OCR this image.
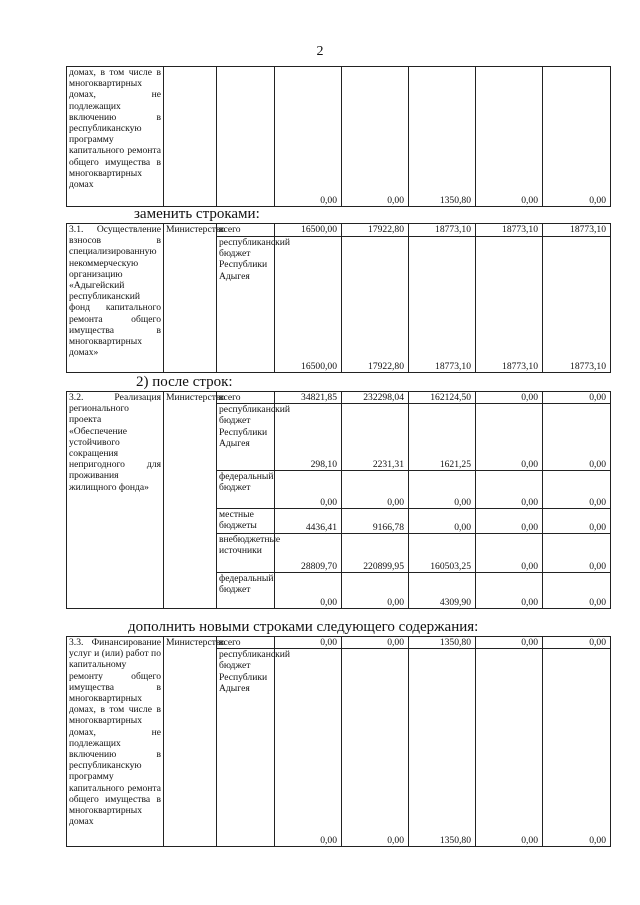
2
домах, в том числе в многоквартирных домах, не подлежащих включению в республиканскую программу капитального ремонта общего имущества в многоквартирных домах			0,00	0,00	1350,80	0,00	0,00
заменить строками:
3.1. Осуществление взносов в специализированную некоммерческую организацию «Адыгейский республиканский фонд капитального ремонта общего имущества в многоквартирных домах»	Министерство	всего	16500,00	17922,80	18773,10	18773,10	18773,10
		республиканский бюджет Республики Адыгея	16500,00	17922,80	18773,10	18773,10	18773,10
2) после строк:
3.2. Реализация регионального проекта «Обеспечение устойчивого сокращения непригодного для проживания жилищного фонда»	Министерство	всего	34821,85	232298,04	162124,50	0,00	0,00
		республиканский бюджет Республики Адыгея	298,10	2231,31	1621,25	0,00	0,00
		федеральный бюджет	0,00	0,00	0,00	0,00	0,00
		местные бюджеты	4436,41	9166,78	0,00	0,00	0,00
		внебюджетные источники	28809,70	220899,95	160503,25	0,00	0,00
		федеральный бюджет	0,00	0,00	4309,90	0,00	0,00
дополнить новыми строками следующего содержания:
3.3. Финансирование услуг и (или) работ по капитальному ремонту общего имущества в многоквартирных домах, в том числе в многоквартирных домах, не подлежащих включению в республиканскую программу капитального ремонта общего имущества в многоквартирных домах	Министерство	всего	0,00	0,00	1350,80	0,00	0,00
		республиканский бюджет Республики Адыгея	0,00	0,00	1350,80	0,00	0,00
